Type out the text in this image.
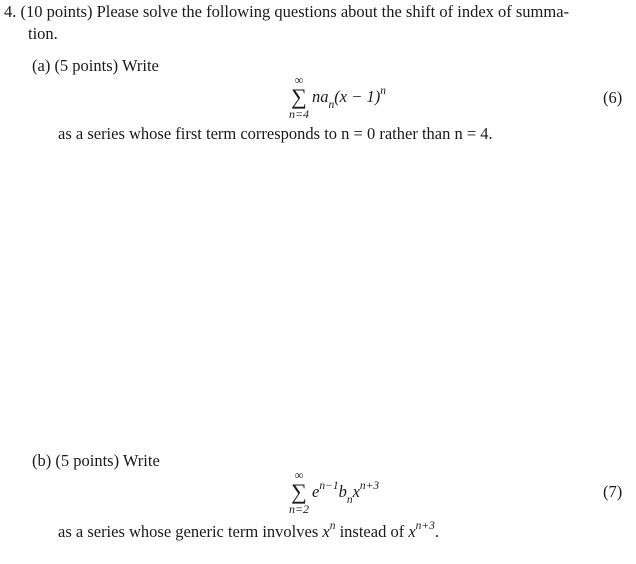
4. (10 points) Please solve the following questions about the shift of index of summa-
tion.
(a) (5 points) Write
∞
∑
n=4
$na_n(x - 1)^n$	(6)
as a series whose first term corresponds to n = 0 rather than n = 4.
(b) (5 points) Write
∞
∑
n=2
$e^{n-1}b_nx^{n+3}$	(7)
as a series whose generic term involves $x^n$ instead of $x^{n+3}$.
